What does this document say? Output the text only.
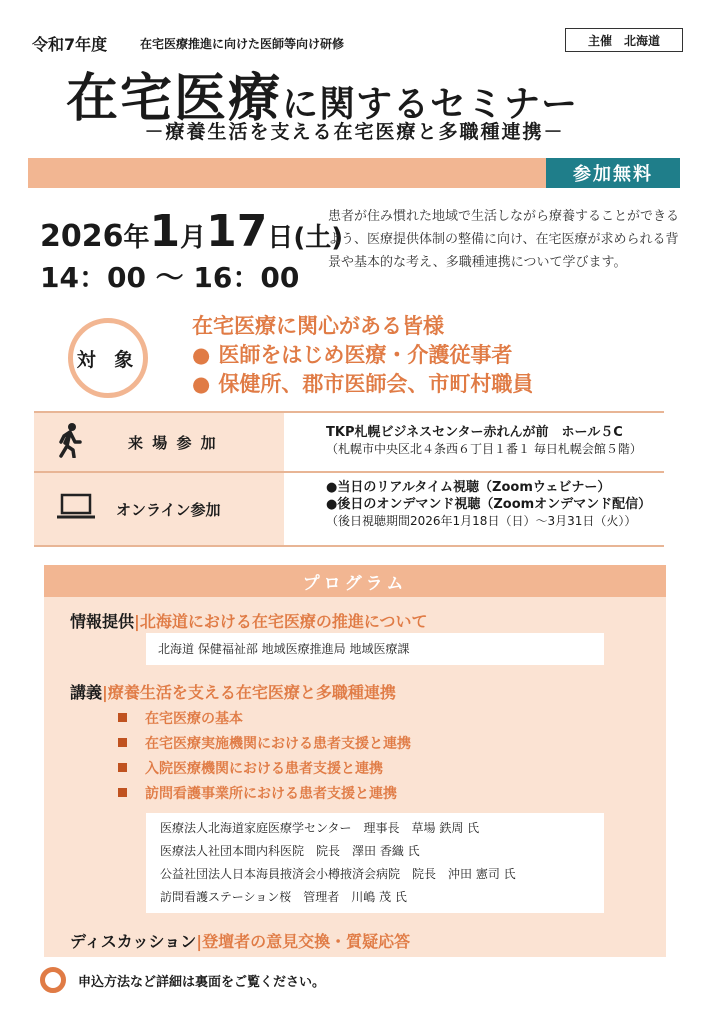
令和7年度	在宅医療推進に向けた医師等向け研修	主催　北海道
在宅医療に関するセミナー
－療養生活を支える在宅医療と多職種連携－
参加無料
2026年1月17日(土)
14：00 ～ 16：00
患者が住み慣れた地域で生活しながら療養することができるよう、医療提供体制の整備に向け、在宅医療が求められる背景や基本的な考え、多職種連携について学びます。
対 象
在宅医療に関心がある皆様
● 医師をはじめ医療・介護従事者
● 保健所、郡市医師会、市町村職員
来 場 参 加
TKP札幌ビジネスセンター赤れんが前　ホール５C
（札幌市中央区北４条西６丁目１番１ 毎日札幌会館５階）
オンライン参加
●当日のリアルタイム視聴（Zoomウェビナー）
●後日のオンデマンド視聴（Zoomオンデマンド配信）
（後日視聴期間2026年1月18日（日）～3月31日（火））
プログラム
情報提供|北海道における在宅医療の推進について
北海道 保健福祉部 地域医療推進局 地域医療課
講義|療養生活を支える在宅医療と多職種連携
在宅医療の基本
在宅医療実施機関における患者支援と連携
入院医療機関における患者支援と連携
訪問看護事業所における患者支援と連携
医療法人北海道家庭医療学センター　理事長　草場 鉄周 氏
医療法人社団本間内科医院　院長　澤田 香織 氏
公益社団法人日本海員掖済会小樽掖済会病院　院長　沖田 憲司 氏
訪問看護ステーション桜　管理者　川嶋 茂 氏
ディスカッション|登壇者の意見交換・質疑応答
申込方法など詳細は裏面をご覧ください。
